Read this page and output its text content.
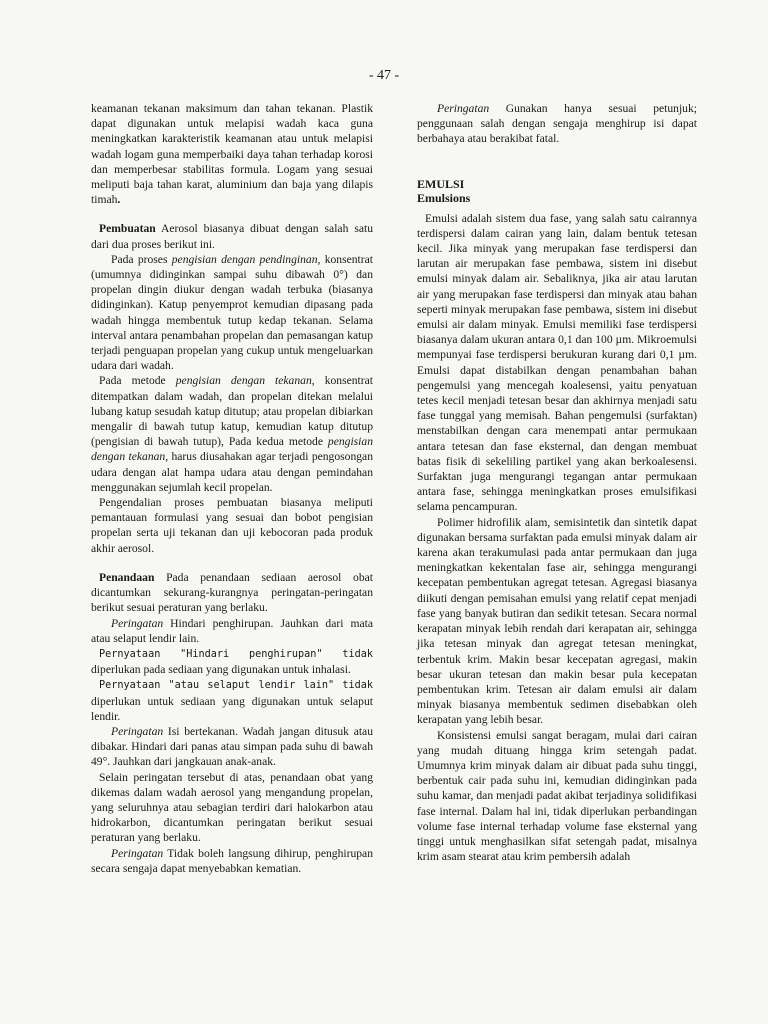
- 47 -

keamanan tekanan maksimum dan tahan tekanan. Plastik dapat digunakan untuk melapisi wadah kaca guna meningkatkan karakteristik keamanan atau untuk melapisi wadah logam guna memperbaiki daya tahan terhadap korosi dan memperbesar stabilitas formula. Logam yang sesuai meliputi baja tahan karat, aluminium dan baja yang dilapis timah.

Pembuatan Aerosol biasanya dibuat dengan salah satu dari dua proses berikut ini.

Pada proses pengisian dengan pendinginan, konsentrat (umumnya didinginkan sampai suhu dibawah 0°) dan propelan dingin diukur dengan wadah terbuka (biasanya didinginkan). Katup penyemprot kemudian dipasang pada wadah hingga membentuk tutup kedap tekanan. Selama interval antara penambahan propelan dan pemasangan katup terjadi penguapan propelan yang cukup untuk mengeluarkan udara dari wadah.

Pada metode pengisian dengan tekanan, konsentrat ditempatkan dalam wadah, dan propelan ditekan melalui lubang katup sesudah katup ditutup; atau propelan dibiarkan mengalir di bawah tutup katup, kemudian katup ditutup (pengisian di bawah tutup), Pada kedua metode pengisian dengan tekanan, harus diusahakan agar terjadi pengosongan udara dengan alat hampa udara atau dengan pemindahan menggunakan sejumlah kecil propelan.

Pengendalian proses pembuatan biasanya meliputi pemantauan formulasi yang sesuai dan bobot pengisian propelan serta uji tekanan dan uji kebocoran pada produk akhir aerosol.

Penandaan Pada penandaan sediaan aerosol obat dicantumkan sekurang-kurangnya peringatan-peringatan berikut sesuai peraturan yang berlaku.

Peringatan Hindari penghirupan. Jauhkan dari mata atau selaput lendir lain.

Pernyataan "Hindari penghirupan" tidak diperlukan pada sediaan yang digunakan untuk inhalasi.

Pernyataan "atau selaput lendir lain" tidak diperlukan untuk sediaan yang digunakan untuk selaput lendir.

Peringatan Isi bertekanan. Wadah jangan ditusuk atau dibakar. Hindari dari panas atau simpan pada suhu di bawah 49°. Jauhkan dari jangkauan anak-anak.

Selain peringatan tersebut di atas, penandaan obat yang dikemas dalam wadah aerosol yang mengandung propelan, yang seluruhnya atau sebagian terdiri dari halokarbon atau hidrokarbon, dicantumkan peringatan berikut sesuai peraturan yang berlaku.

Peringatan Tidak boleh langsung dihirup, penghirupan secara sengaja dapat menyebabkan kematian.

Peringatan Gunakan hanya sesuai petunjuk; penggunaan salah dengan sengaja menghirup isi dapat berbahaya atau berakibat fatal.

EMULSI

Emulsions

Emulsi adalah sistem dua fase, yang salah satu cairannya terdispersi dalam cairan yang lain, dalam bentuk tetesan kecil. Jika minyak yang merupakan fase terdispersi dan larutan air merupakan fase pembawa, sistem ini disebut emulsi minyak dalam air. Sebaliknya, jika air atau larutan air yang merupakan fase terdispersi dan minyak atau bahan seperti minyak merupakan fase pembawa, sistem ini disebut emulsi air dalam minyak. Emulsi memiliki fase terdispersi biasanya dalam ukuran antara 0,1 dan 100 µm. Mikroemulsi mempunyai fase terdispersi berukuran kurang dari 0,1 µm. Emulsi dapat distabilkan dengan penambahan bahan pengemulsi yang mencegah koalesensi, yaitu penyatuan tetes kecil menjadi tetesan besar dan akhirnya menjadi satu fase tunggal yang memisah. Bahan pengemulsi (surfaktan) menstabilkan dengan cara menempati antar permukaan antara tetesan dan fase eksternal, dan dengan membuat batas fisik di sekeliling partikel yang akan berkoalesensi. Surfaktan juga mengurangi tegangan antar permukaan antara fase, sehingga meningkatkan proses emulsifikasi selama pencampuran.

Polimer hidrofilik alam, semisintetik dan sintetik dapat digunakan bersama surfaktan pada emulsi minyak dalam air karena akan terakumulasi pada antar permukaan dan juga meningkatkan kekentalan fase air, sehingga mengurangi kecepatan pembentukan agregat tetesan. Agregasi biasanya diikuti dengan pemisahan emulsi yang relatif cepat menjadi fase yang banyak butiran dan sedikit tetesan. Secara normal kerapatan minyak lebih rendah dari kerapatan air, sehingga jika tetesan minyak dan agregat tetesan meningkat, terbentuk krim. Makin besar kecepatan agregasi, makin besar ukuran tetesan dan makin besar pula kecepatan pembentukan krim. Tetesan air dalam emulsi air dalam minyak biasanya membentuk sedimen disebabkan oleh kerapatan yang lebih besar.

Konsistensi emulsi sangat beragam, mulai dari cairan yang mudah dituang hingga krim setengah padat. Umumnya krim minyak dalam air dibuat pada suhu tinggi, berbentuk cair pada suhu ini, kemudian didinginkan pada suhu kamar, dan menjadi padat akibat terjadinya solidifikasi fase internal. Dalam hal ini, tidak diperlukan perbandingan volume fase internal terhadap volume fase eksternal yang tinggi untuk menghasilkan sifat setengah padat, misalnya krim asam stearat atau krim pembersih adalah
